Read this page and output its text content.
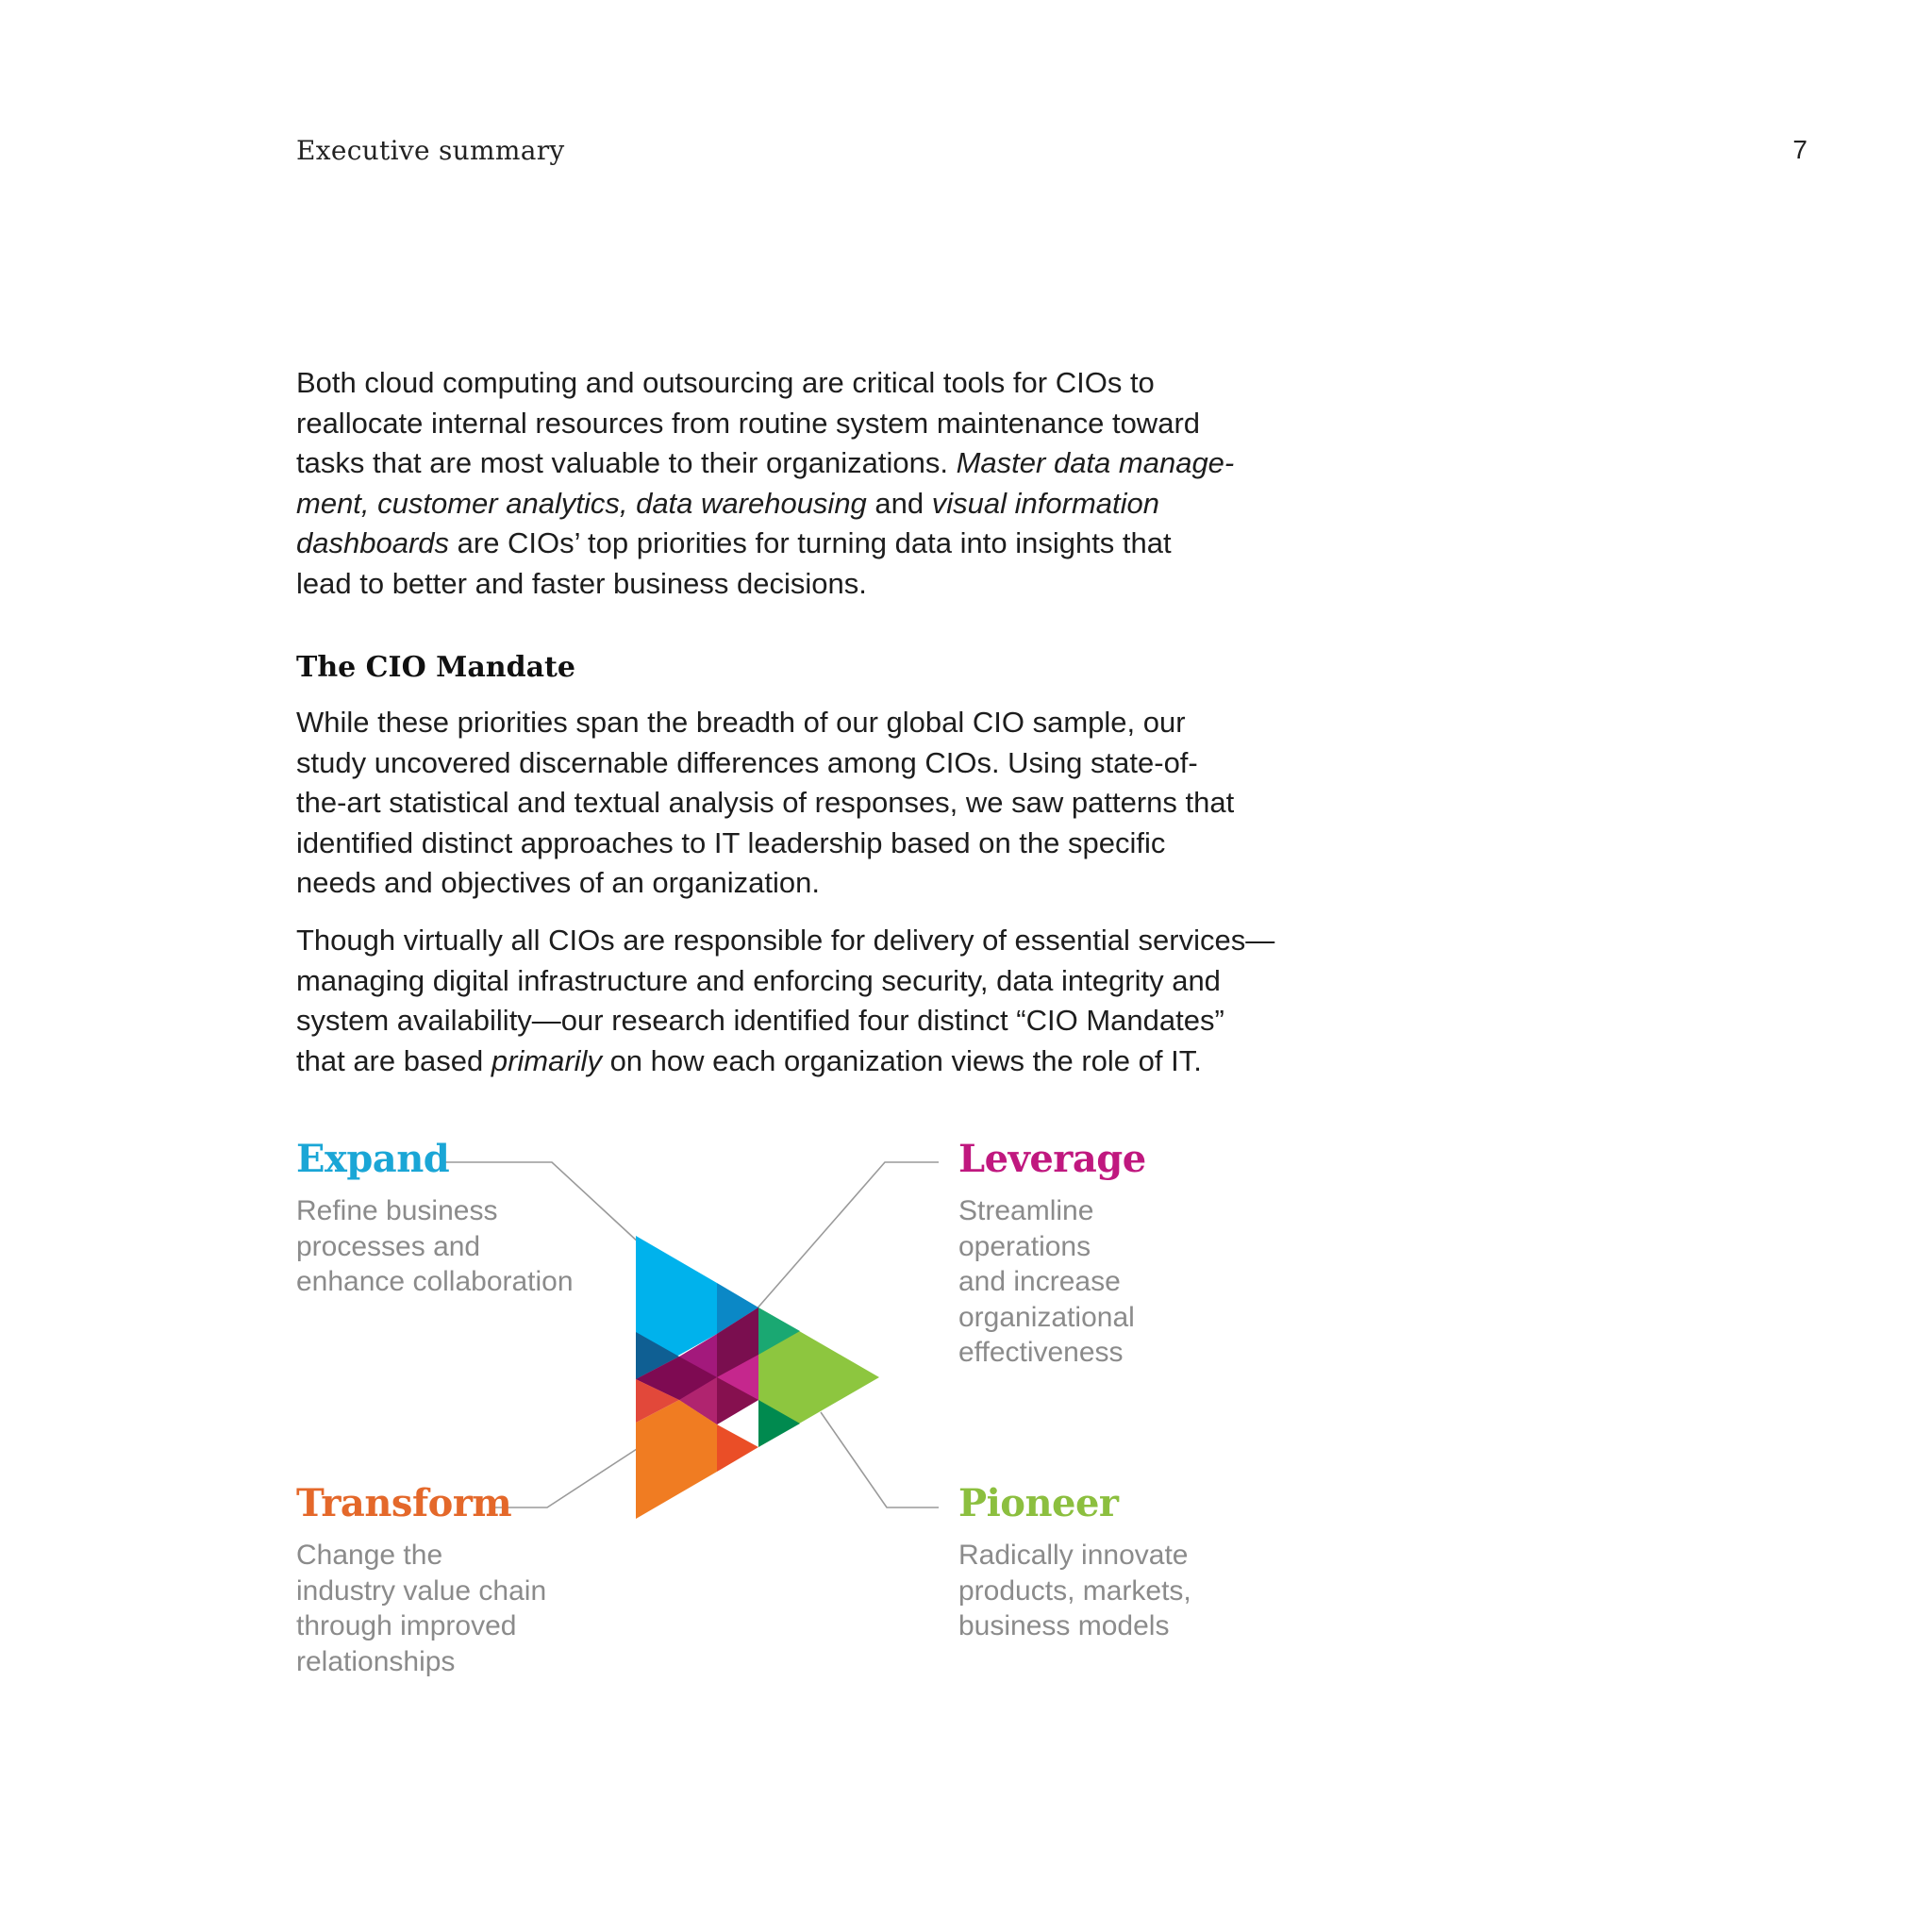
Executive summary	7

Both cloud computing and outsourcing are critical tools for CIOs to
reallocate internal resources from routine system maintenance toward
tasks that are most valuable to their organizations. Master data manage-
ment, customer analytics, data warehousing and visual information
dashboards are CIOs’ top priorities for turning data into insights that
lead to better and faster business decisions.

The CIO Mandate

While these priorities span the breadth of our global CIO sample, our
study uncovered discernable differences among CIOs. Using state-of-
the-art statistical and textual analysis of responses, we saw patterns that
identified distinct approaches to IT leadership based on the specific
needs and objectives of an organization.

Though virtually all CIOs are responsible for delivery of essential services—
managing digital infrastructure and enforcing security, data integrity and
system availability—our research identified four distinct “CIO Mandates”
that are based primarily on how each organization views the role of IT.

Expand

Refine business
processes and
enhance collaboration

Leverage

Streamline
operations
and increase
organizational
effectiveness

Transform

Change the
industry value chain
through improved
relationships

Pioneer

Radically innovate
products, markets,
business models
